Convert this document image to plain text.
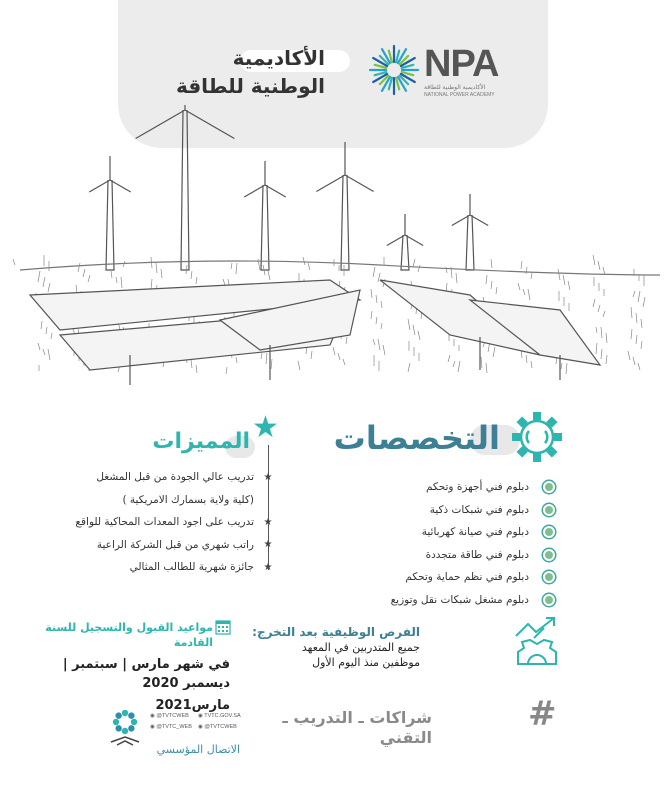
الأكاديمية
الوطنية للطاقة
NPA
الأكاديمية الوطنية للطاقة
NATIONAL POWER ACADEMY
التخصصات
دبلوم فني أجهزة وتحكم
دبلوم فني شبكات ذكية
دبلوم فني صيانة كهربائية
دبلوم فني طاقة متجددة
دبلوم فني نظم حماية وتحكم
دبلوم مشغل شبكات نقل وتوزيع
★
المميزات
★
تدريب عالي الجودة من قبل المشغل
(كلية ولاية بسمارك الامريكية )
★
تدريب على اجود المعدات المحاكية للواقع
★
راتب شهري من قبل الشركة الراعية
★
جائزة شهرية للطالب المثالي
مواعيد القبول والتسجيل للسنة القادمة
في شهر مارس | سبتمبر | ديسمبر 2020
مارس2021
الفرص الوظيفية بعد التخرج:
جميع المتدربين في المعهد
موظفين منذ اليوم الأول
#
شراكات ـ التدريب ـ التقني
◉ @TVTCWEB	◉ TVTC.GOV.SA
◉ @TVTC_WEB	◉ @TVTCWEB
الاتصال المؤسسي
